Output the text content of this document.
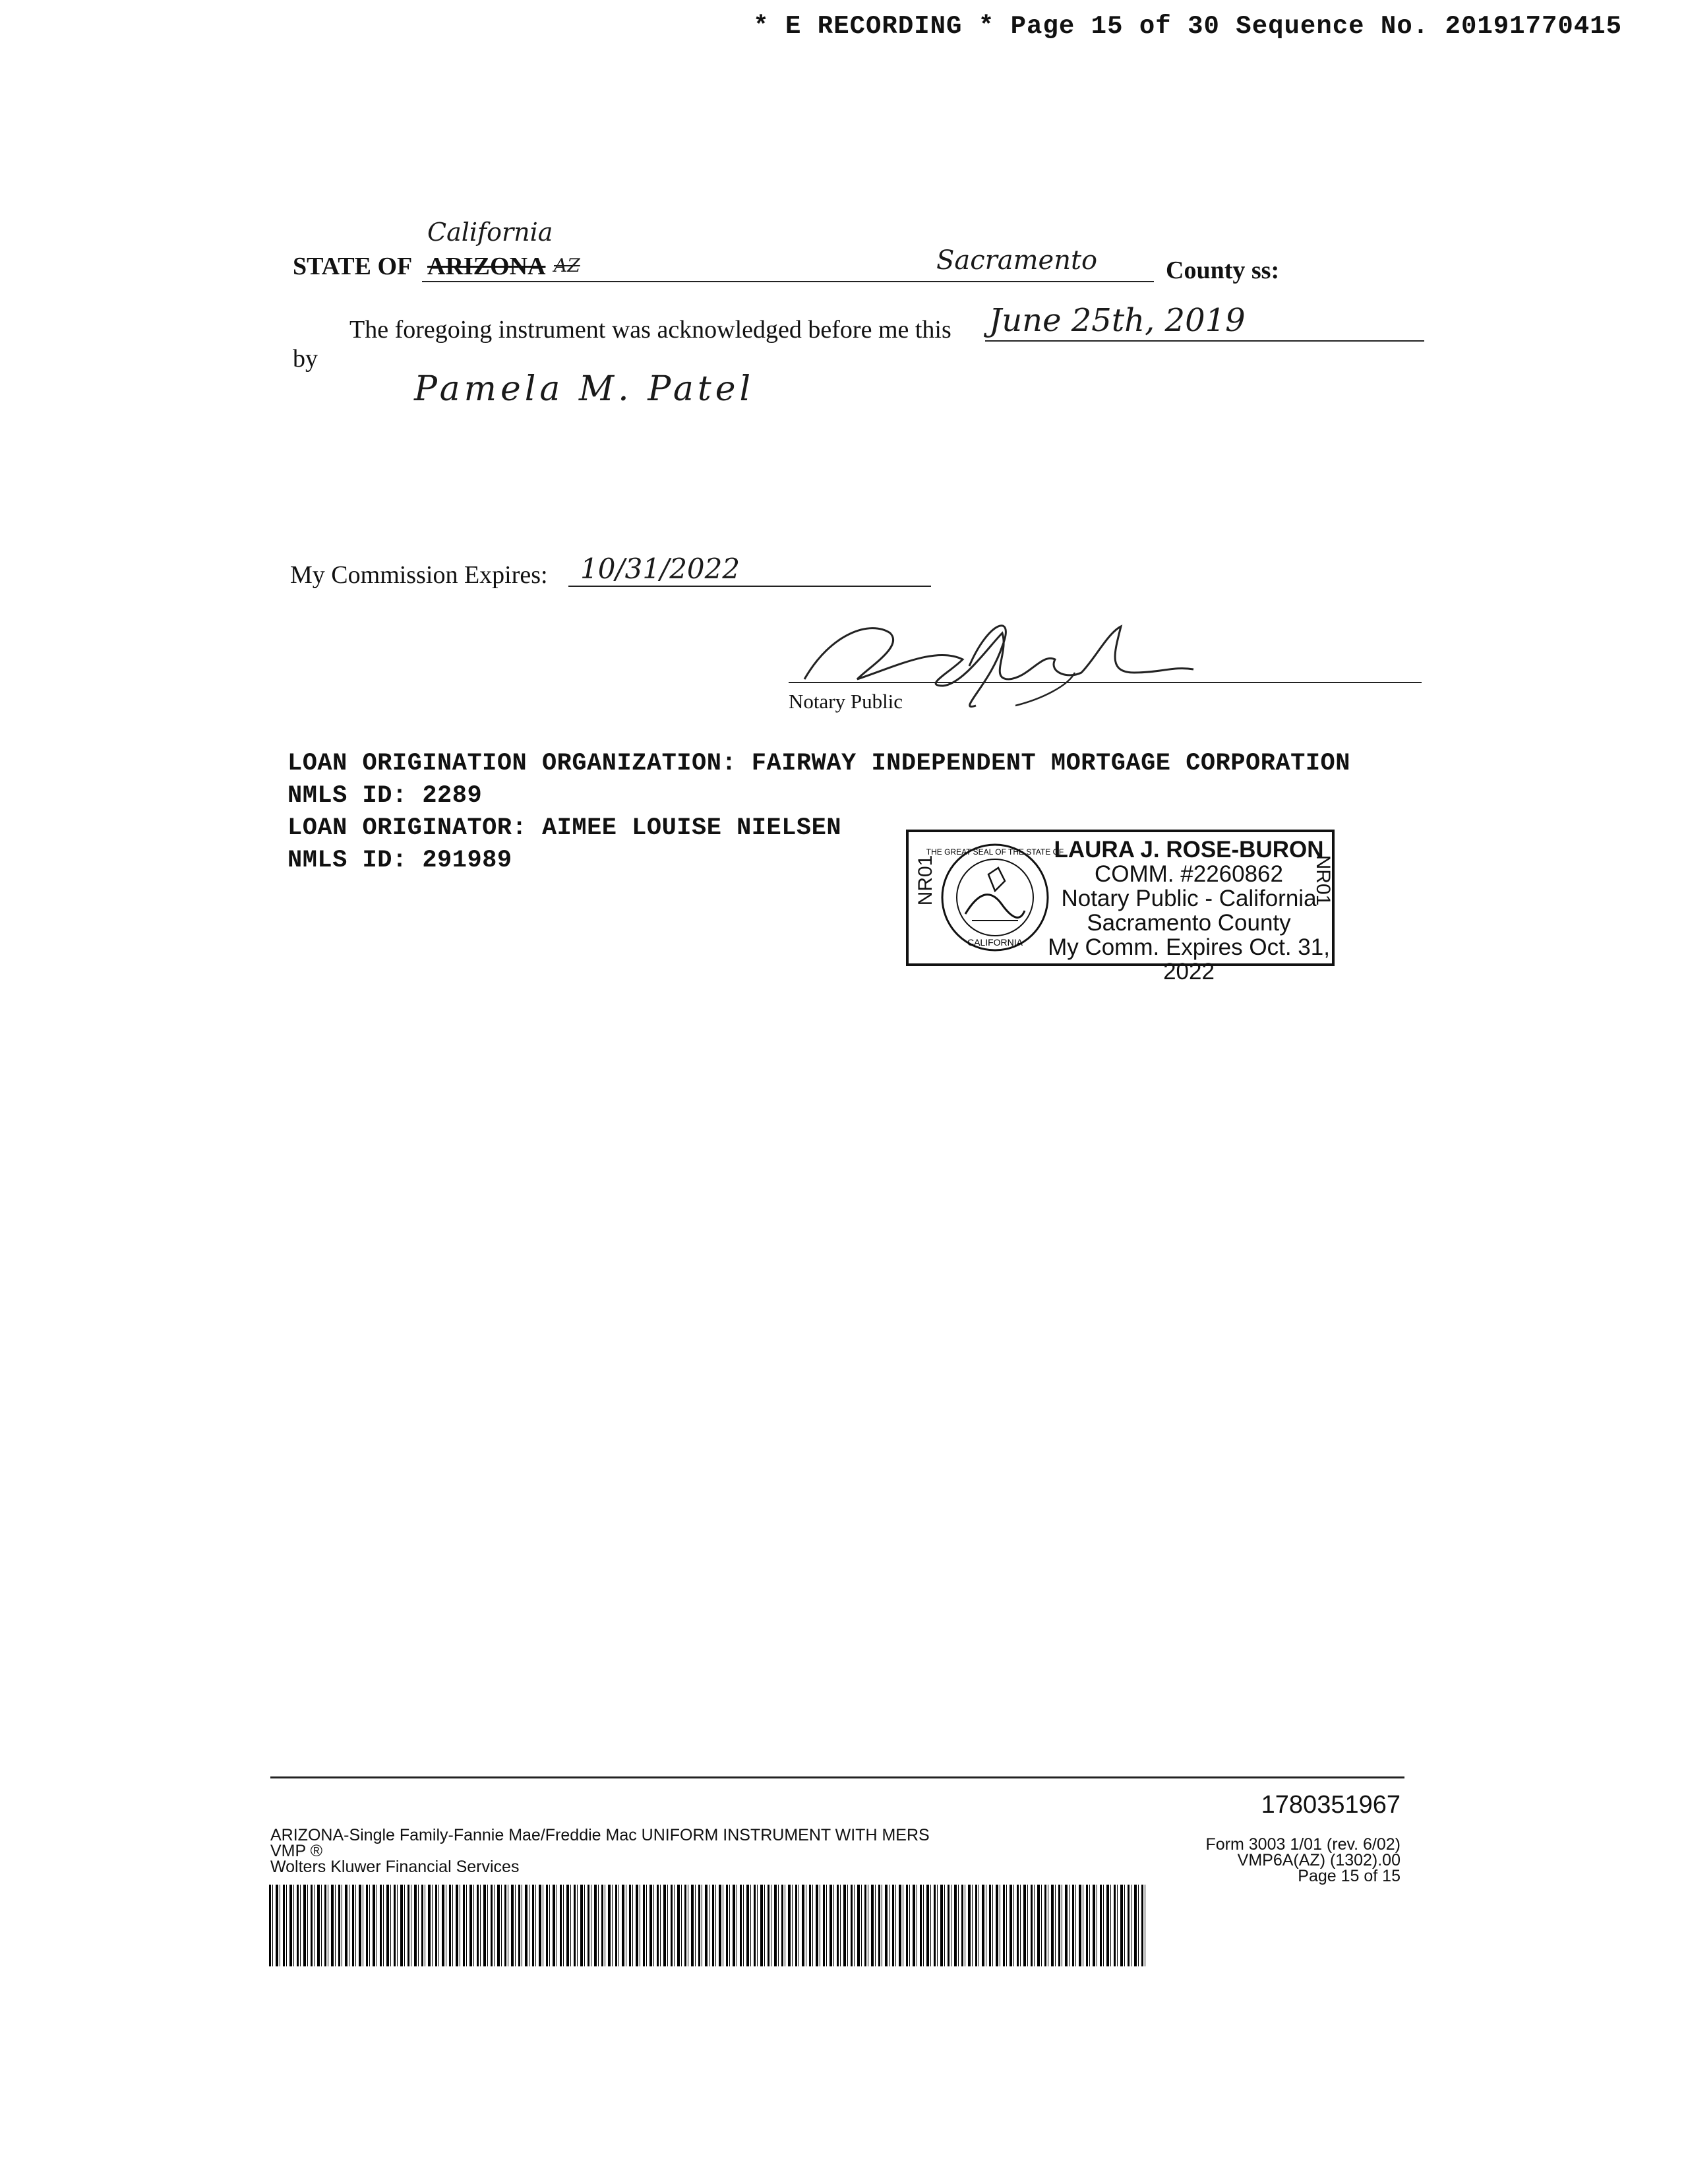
* E RECORDING * Page 15 of 30 Sequence No. 20191770415
STATE OF ARIZONA AZ
California
Sacramento	County ss:
The foregoing instrument was acknowledged before me this June 25th, 2019
by
Pamela M. Patel
My Commission Expires: 10/31/2022
Notary Public
LOAN ORIGINATION ORGANIZATION: FAIRWAY INDEPENDENT MORTGAGE CORPORATION
NMLS ID: 2289
LOAN ORIGINATOR: AIMEE LOUISE NIELSEN
NMLS ID: 291989	NR01
THE GREAT SEAL OF THE STATE OF
CALIFORNIA
LAURA J. ROSE-BURON
COMM. #2260862
Notary Public - California
Sacramento County
My Comm. Expires Oct. 31, 2022
NR01
1780351967
ARIZONA-Single Family-Fannie Mae/Freddie Mac UNIFORM INSTRUMENT WITH MERS
VMP ®
Wolters Kluwer Financial Services
Form 3003 1/01 (rev. 6/02)
VMP6A(AZ) (1302).00
Page 15 of 15
